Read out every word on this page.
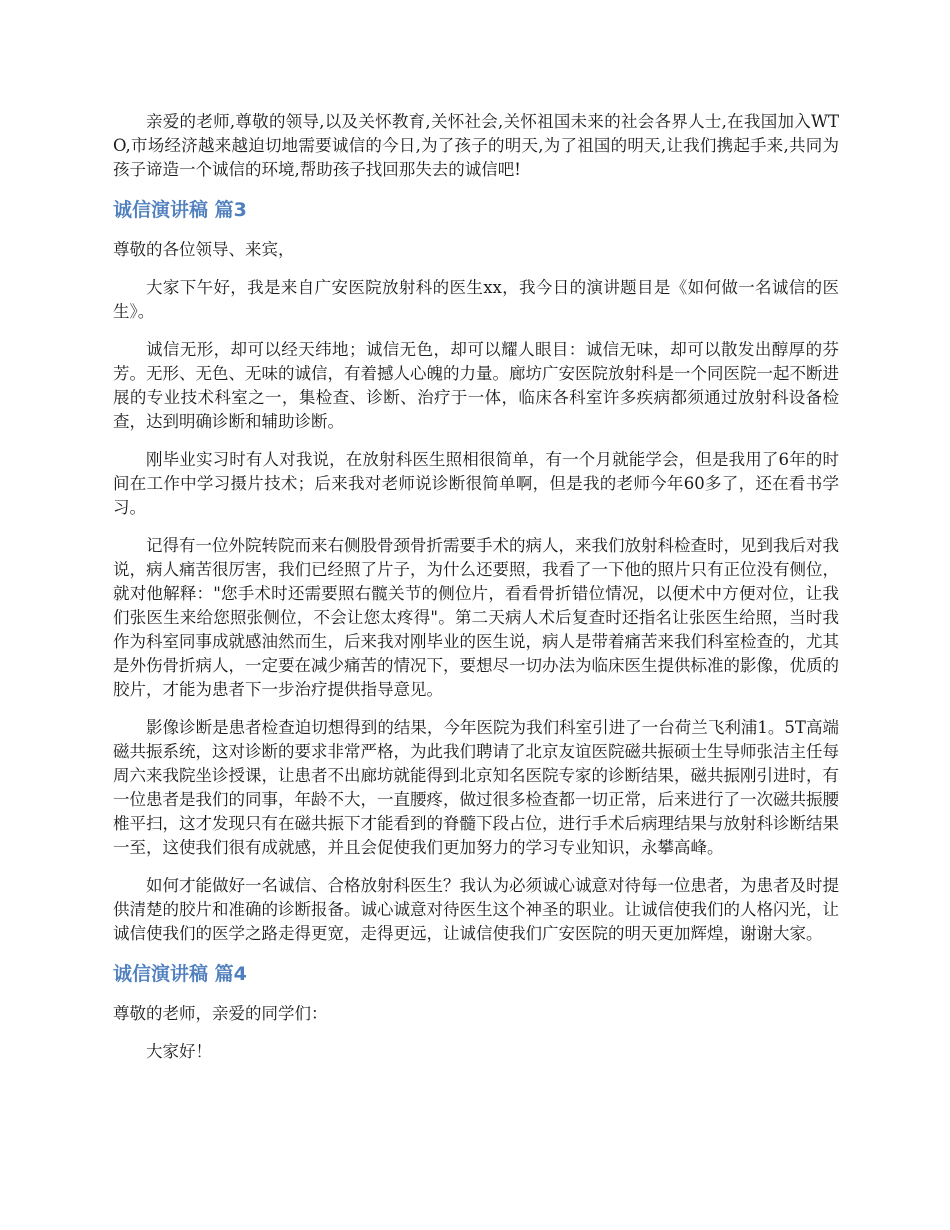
亲爱的老师,尊敬的领导,以及关怀教育,关怀社会,关怀祖国未来的社会各界人士,在我国加入WTO,市场经济越来越迫切地需要诚信的今日,为了孩子的明天,为了祖国的明天,让我们携起手来,共同为孩子谛造一个诚信的环境,帮助孩子找回那失去的诚信吧!

诚信演讲稿 篇3

尊敬的各位领导、来宾，

大家下午好，我是来自广安医院放射科的医生xx，我今日的演讲题目是《如何做一名诚信的医生》。

诚信无形，却可以经天纬地；诚信无色，却可以耀人眼目：诚信无味，却可以散发出醇厚的芬芳。无形、无色、无味的诚信，有着撼人心魄的力量。廊坊广安医院放射科是一个同医院一起不断进展的专业技术科室之一，集检查、诊断、治疗于一体，临床各科室许多疾病都须通过放射科设备检查，达到明确诊断和辅助诊断。

刚毕业实习时有人对我说，在放射科医生照相很简单，有一个月就能学会，但是我用了6年的时间在工作中学习摄片技术；后来我对老师说诊断很简单啊，但是我的老师今年60多了，还在看书学习。

记得有一位外院转院而来右侧股骨颈骨折需要手术的病人，来我们放射科检查时，见到我后对我说，病人痛苦很厉害，我们已经照了片子，为什么还要照，我看了一下他的照片只有正位没有侧位，就对他解释："您手术时还需要照右髋关节的侧位片，看看骨折错位情况，以便术中方便对位，让我们张医生来给您照张侧位，不会让您太疼得"。第二天病人术后复查时还指名让张医生给照，当时我作为科室同事成就感油然而生，后来我对刚毕业的医生说，病人是带着痛苦来我们科室检查的，尤其是外伤骨折病人，一定要在减少痛苦的情况下，要想尽一切办法为临床医生提供标准的影像，优质的胶片，才能为患者下一步治疗提供指导意见。

影像诊断是患者检查迫切想得到的结果，今年医院为我们科室引进了一台荷兰飞利浦1。5T高端磁共振系统，这对诊断的要求非常严格，为此我们聘请了北京友谊医院磁共振硕士生导师张洁主任每周六来我院坐诊授课，让患者不出廊坊就能得到北京知名医院专家的诊断结果，磁共振刚引进时，有一位患者是我们的同事，年龄不大，一直腰疼，做过很多检查都一切正常，后来进行了一次磁共振腰椎平扫，这才发现只有在磁共振下才能看到的脊髓下段占位，进行手术后病理结果与放射科诊断结果一至，这使我们很有成就感，并且会促使我们更加努力的学习专业知识，永攀高峰。

如何才能做好一名诚信、合格放射科医生？我认为必须诚心诚意对待每一位患者，为患者及时提供清楚的胶片和准确的诊断报备。诚心诚意对待医生这个神圣的职业。让诚信使我们的人格闪光，让诚信使我们的医学之路走得更宽，走得更远，让诚信使我们广安医院的明天更加辉煌，谢谢大家。

诚信演讲稿 篇4

尊敬的老师，亲爱的同学们：

大家好！
